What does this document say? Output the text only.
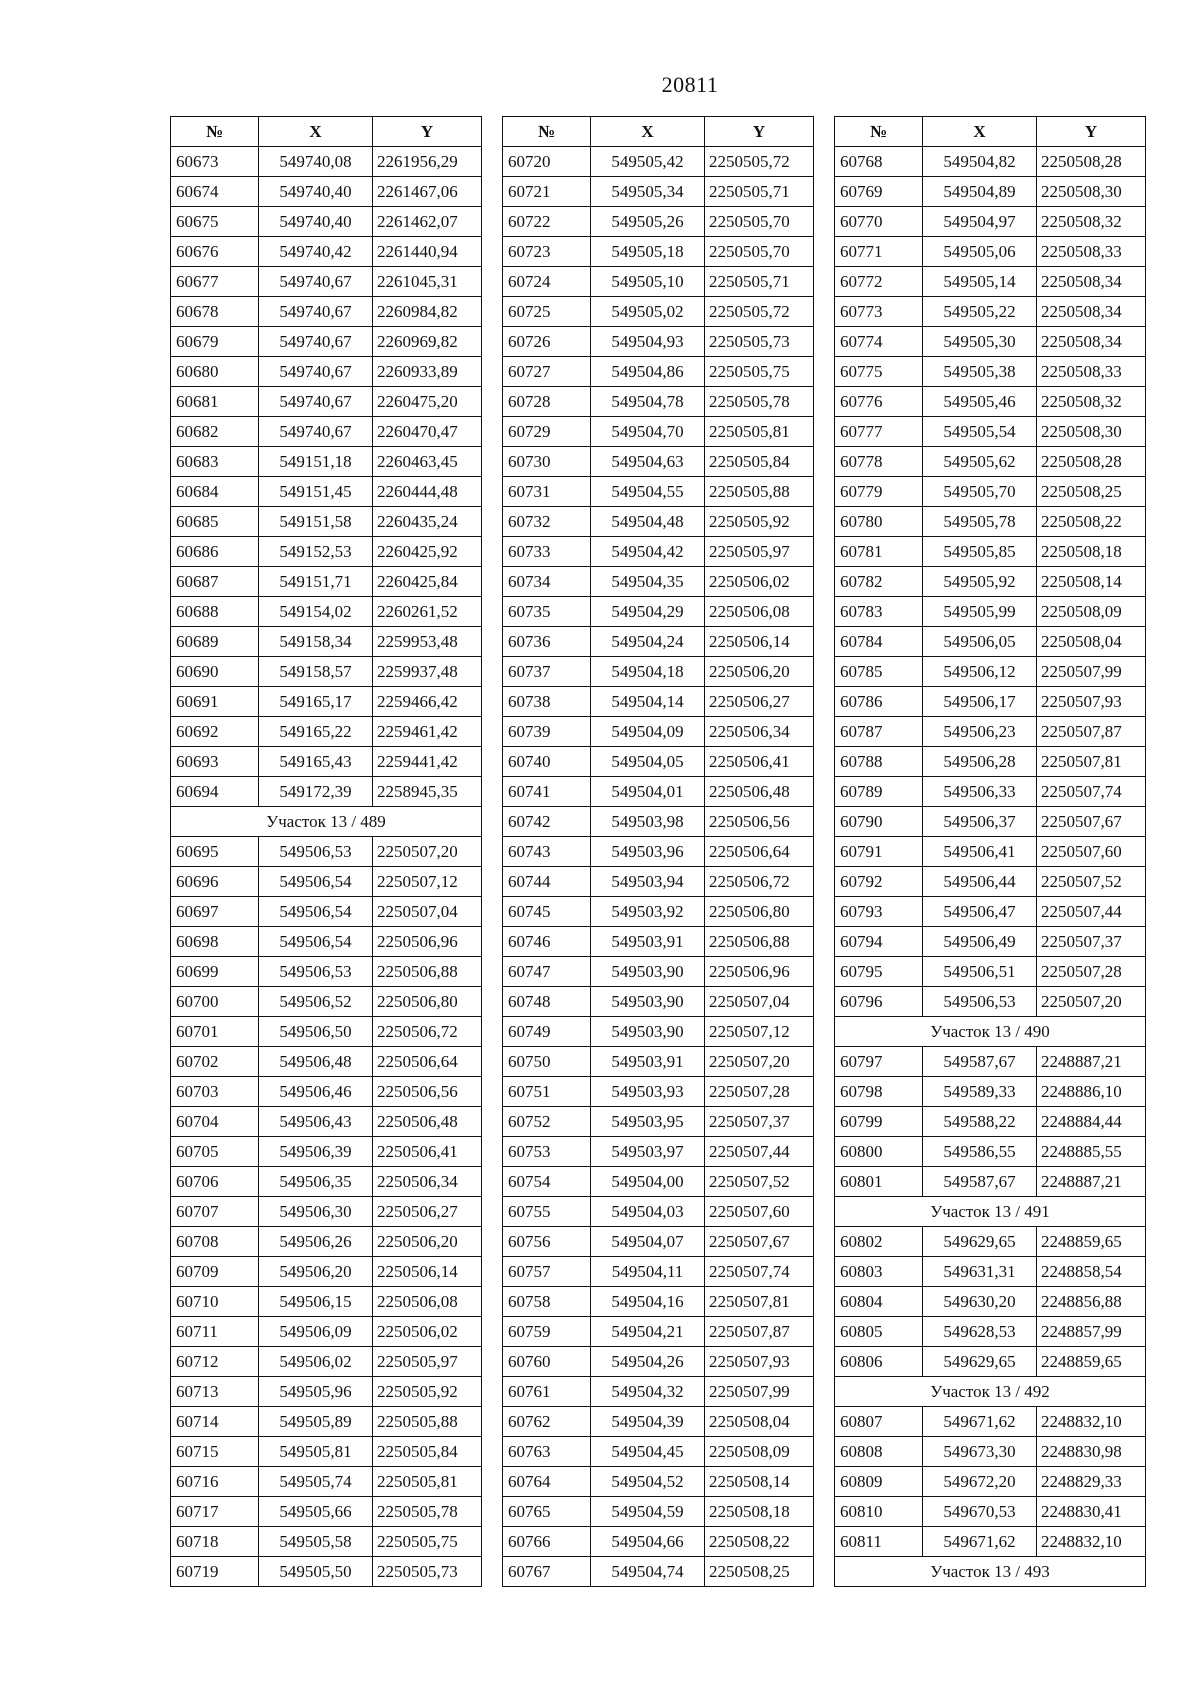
20811
№	X	Y
60673	549740,08	2261956,29
60674	549740,40	2261467,06
60675	549740,40	2261462,07
60676	549740,42	2261440,94
60677	549740,67	2261045,31
60678	549740,67	2260984,82
60679	549740,67	2260969,82
60680	549740,67	2260933,89
60681	549740,67	2260475,20
60682	549740,67	2260470,47
60683	549151,18	2260463,45
60684	549151,45	2260444,48
60685	549151,58	2260435,24
60686	549152,53	2260425,92
60687	549151,71	2260425,84
60688	549154,02	2260261,52
60689	549158,34	2259953,48
60690	549158,57	2259937,48
60691	549165,17	2259466,42
60692	549165,22	2259461,42
60693	549165,43	2259441,42
60694	549172,39	2258945,35
Участок 13 / 489		
60695	549506,53	2250507,20
60696	549506,54	2250507,12
60697	549506,54	2250507,04
60698	549506,54	2250506,96
60699	549506,53	2250506,88
60700	549506,52	2250506,80
60701	549506,50	2250506,72
60702	549506,48	2250506,64
60703	549506,46	2250506,56
60704	549506,43	2250506,48
60705	549506,39	2250506,41
60706	549506,35	2250506,34
60707	549506,30	2250506,27
60708	549506,26	2250506,20
60709	549506,20	2250506,14
60710	549506,15	2250506,08
60711	549506,09	2250506,02
60712	549506,02	2250505,97
60713	549505,96	2250505,92
60714	549505,89	2250505,88
60715	549505,81	2250505,84
60716	549505,74	2250505,81
60717	549505,66	2250505,78
60718	549505,58	2250505,75
60719	549505,50	2250505,73
№	X	Y
60720	549505,42	2250505,72
60721	549505,34	2250505,71
60722	549505,26	2250505,70
60723	549505,18	2250505,70
60724	549505,10	2250505,71
60725	549505,02	2250505,72
60726	549504,93	2250505,73
60727	549504,86	2250505,75
60728	549504,78	2250505,78
60729	549504,70	2250505,81
60730	549504,63	2250505,84
60731	549504,55	2250505,88
60732	549504,48	2250505,92
60733	549504,42	2250505,97
60734	549504,35	2250506,02
60735	549504,29	2250506,08
60736	549504,24	2250506,14
60737	549504,18	2250506,20
60738	549504,14	2250506,27
60739	549504,09	2250506,34
60740	549504,05	2250506,41
60741	549504,01	2250506,48
60742	549503,98	2250506,56
60743	549503,96	2250506,64
60744	549503,94	2250506,72
60745	549503,92	2250506,80
60746	549503,91	2250506,88
60747	549503,90	2250506,96
60748	549503,90	2250507,04
60749	549503,90	2250507,12
60750	549503,91	2250507,20
60751	549503,93	2250507,28
60752	549503,95	2250507,37
60753	549503,97	2250507,44
60754	549504,00	2250507,52
60755	549504,03	2250507,60
60756	549504,07	2250507,67
60757	549504,11	2250507,74
60758	549504,16	2250507,81
60759	549504,21	2250507,87
60760	549504,26	2250507,93
60761	549504,32	2250507,99
60762	549504,39	2250508,04
60763	549504,45	2250508,09
60764	549504,52	2250508,14
60765	549504,59	2250508,18
60766	549504,66	2250508,22
60767	549504,74	2250508,25
№	X	Y
60768	549504,82	2250508,28
60769	549504,89	2250508,30
60770	549504,97	2250508,32
60771	549505,06	2250508,33
60772	549505,14	2250508,34
60773	549505,22	2250508,34
60774	549505,30	2250508,34
60775	549505,38	2250508,33
60776	549505,46	2250508,32
60777	549505,54	2250508,30
60778	549505,62	2250508,28
60779	549505,70	2250508,25
60780	549505,78	2250508,22
60781	549505,85	2250508,18
60782	549505,92	2250508,14
60783	549505,99	2250508,09
60784	549506,05	2250508,04
60785	549506,12	2250507,99
60786	549506,17	2250507,93
60787	549506,23	2250507,87
60788	549506,28	2250507,81
60789	549506,33	2250507,74
60790	549506,37	2250507,67
60791	549506,41	2250507,60
60792	549506,44	2250507,52
60793	549506,47	2250507,44
60794	549506,49	2250507,37
60795	549506,51	2250507,28
60796	549506,53	2250507,20
Участок 13 / 490		
60797	549587,67	2248887,21
60798	549589,33	2248886,10
60799	549588,22	2248884,44
60800	549586,55	2248885,55
60801	549587,67	2248887,21
Участок 13 / 491		
60802	549629,65	2248859,65
60803	549631,31	2248858,54
60804	549630,20	2248856,88
60805	549628,53	2248857,99
60806	549629,65	2248859,65
Участок 13 / 492		
60807	549671,62	2248832,10
60808	549673,30	2248830,98
60809	549672,20	2248829,33
60810	549670,53	2248830,41
60811	549671,62	2248832,10
Участок 13 / 493		
